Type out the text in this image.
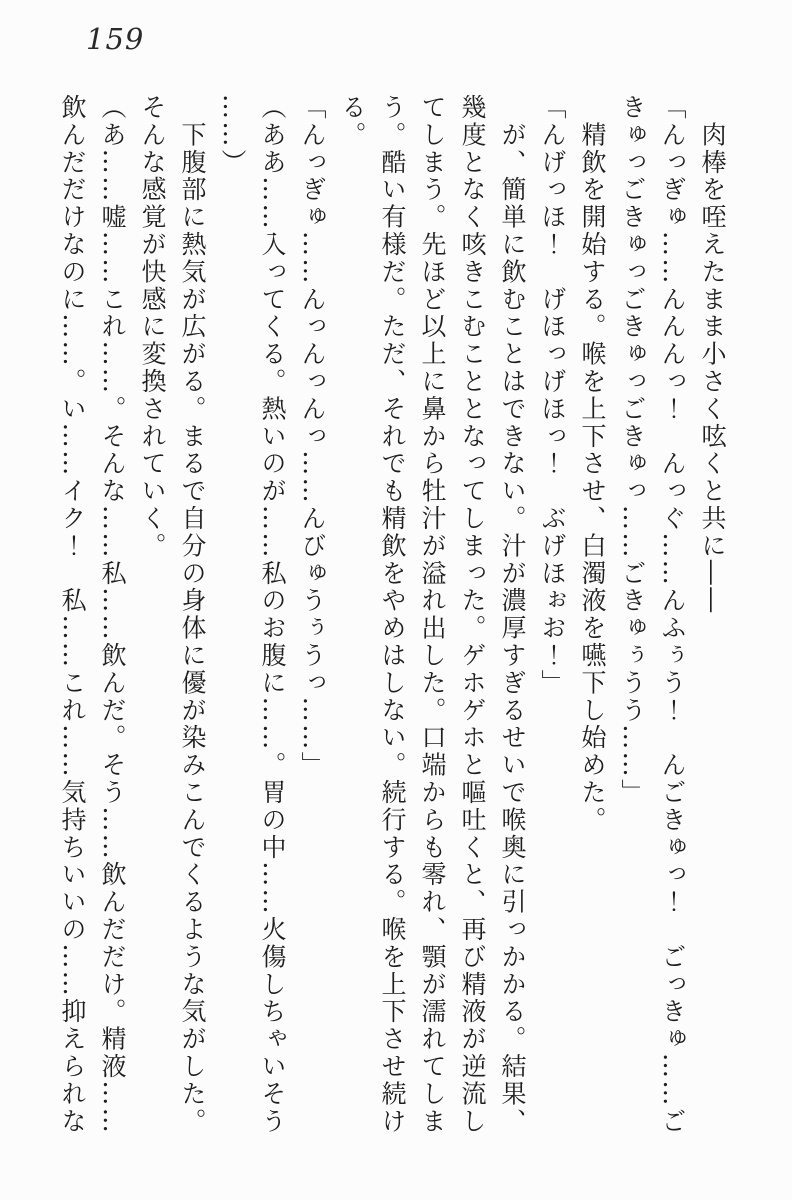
159

　肉棒を咥えたまま小さく呟くと共に――

「んっぎゅ……んんんっ！　んっぐ……んふぅう！　んごきゅっ！　ごっきゅ……ご

きゅっごきゅっごきゅっごきゅっ……ごきゅぅうう……」

　精飲を開始する。喉を上下させ、白濁液を嚥下し始めた。

「んげっほ！　げほっげほっ！　ぶげほぉお！」

　が、簡単に飲むことはできない。汁が濃厚すぎるせいで喉奥に引っかかる。結果、

幾度となく咳きこむこととなってしまった。ゲホゲホと嘔吐くと、再び精液が逆流し

てしまう。先ほど以上に鼻から牡汁が溢れ出した。口端からも零れ、顎が濡れてしま

う。酷い有様だ。ただ、それでも精飲をやめはしない。続行する。喉を上下させ続け

る。

「んっぎゅ……んっんっんっ……んびゅうぅうっ……」

（ああ……入ってくる。熱いのが……私のお腹に……。胃の中……火傷しちゃいそう

……）

　下腹部に熱気が広がる。まるで自分の身体に優が染みこんでくるような気がした。

そんな感覚が快感に変換されていく。

（あ……嘘……これ……。そんな……私……飲んだ。そう……飲んだだけ。精液……

飲んだだけなのに……。い……イク！　私……これ……気持ちいいの……抑えられな
